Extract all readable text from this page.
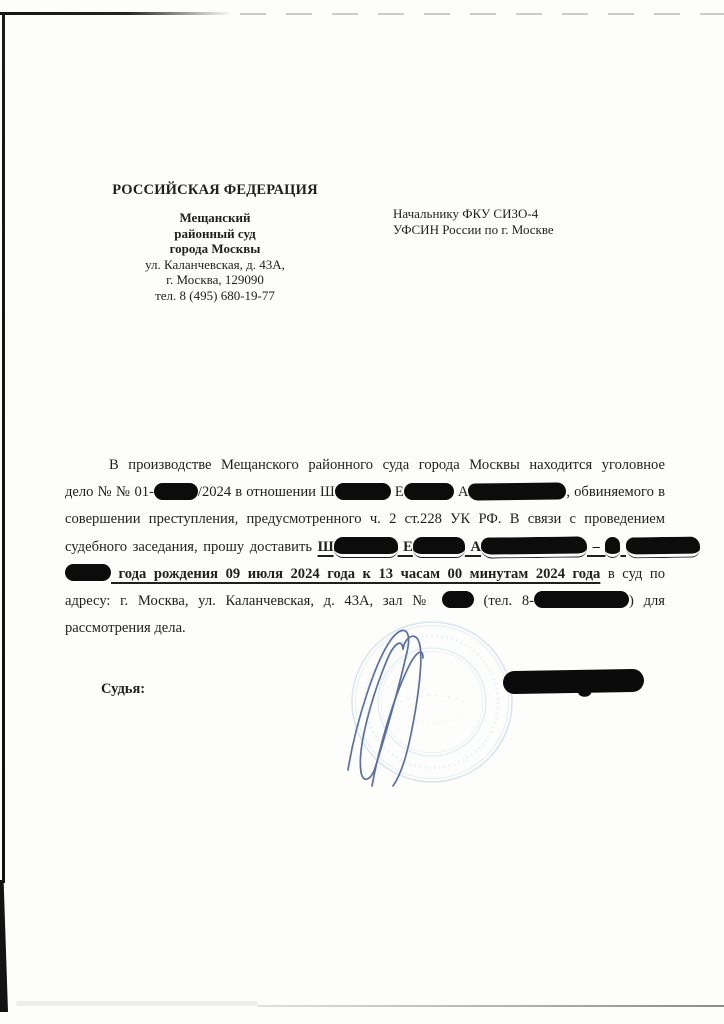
РОССИЙСКАЯ ФЕДЕРАЦИЯ
Мещанский
районный суд
города Москвы
ул. Каланчевская, д. 43А,
г. Москва, 129090
тел. 8 (495) 680-19-77
Начальнику ФКУ СИЗО-4
УФСИН России по г. Москве
В производстве Мещанского районного суда города Москвы находится уголовное
дело № № 01-	/2024 в отношении Ш	Е	А	, обвиняемого в
совершении преступления, предусмотренного ч. 2 ст.228 УК РФ. В связи с проведением
судебного заседания, прошу доставить Ш	Е	А	–
года рождения 09 июля 2024 года к 13 часам 00 минутам 2024 года в суд по
адресу: г. Москва, ул. Каланчевская, д. 43А, зал №  (тел. 8-	) для
рассмотрения дела.
Судья:
